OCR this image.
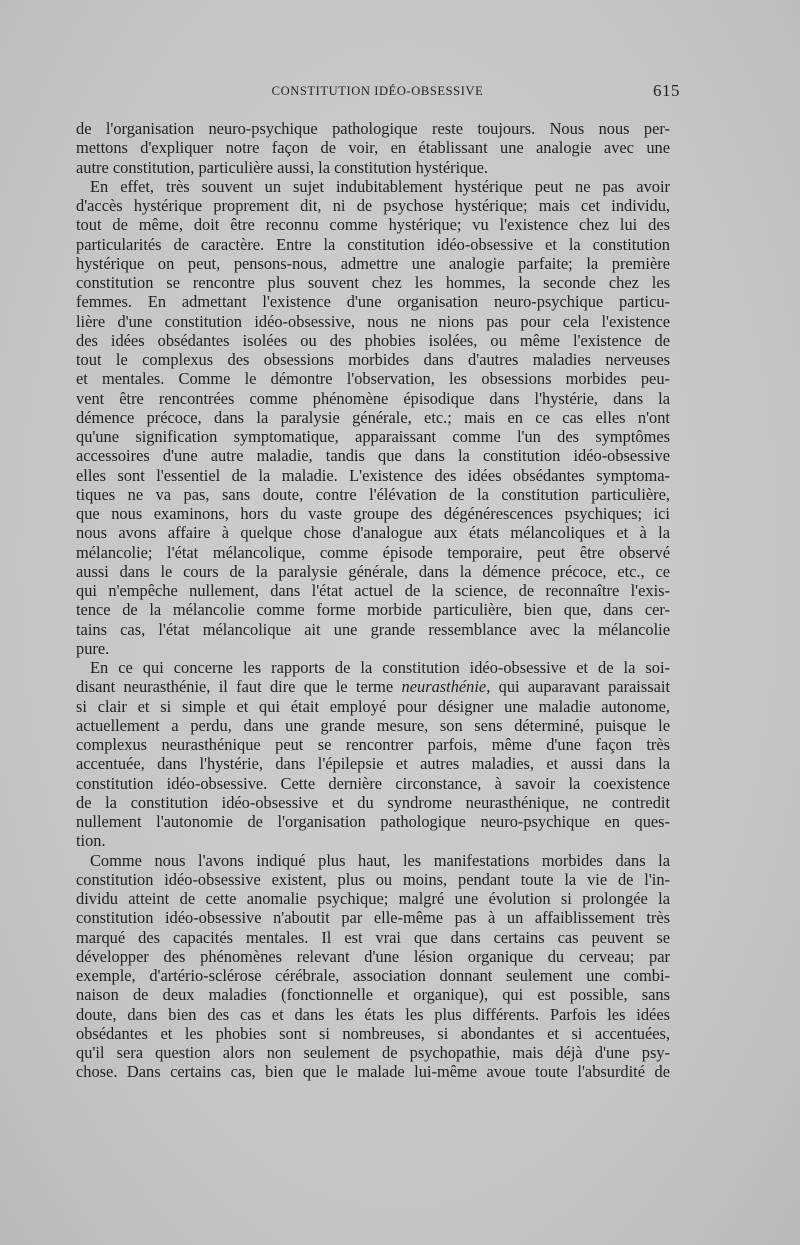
CONSTITUTION IDÉO-OBSESSIVE	615
de l'organisation neuro-psychique pathologique reste toujours. Nous nous per-
mettons d'expliquer notre façon de voir, en établissant une analogie avec une
autre constitution, particulière aussi, la constitution hystérique.
En effet, très souvent un sujet indubitablement hystérique peut ne pas avoir
d'accès hystérique proprement dit, ni de psychose hystérique; mais cet individu,
tout de même, doit être reconnu comme hystérique; vu l'existence chez lui des
particularités de caractère. Entre la constitution idéo-obsessive et la constitution
hystérique on peut, pensons-nous, admettre une analogie parfaite; la première
constitution se rencontre plus souvent chez les hommes, la seconde chez les
femmes. En admettant l'existence d'une organisation neuro-psychique particu-
lière d'une constitution idéo-obsessive, nous ne nions pas pour cela l'existence
des idées obsédantes isolées ou des phobies isolées, ou même l'existence de
tout le complexus des obsessions morbides dans d'autres maladies nerveuses
et mentales. Comme le démontre l'observation, les obsessions morbides peu-
vent être rencontrées comme phénomène épisodique dans l'hystérie, dans la
démence précoce, dans la paralysie générale, etc.; mais en ce cas elles n'ont
qu'une signification symptomatique, apparaissant comme l'un des symptômes
accessoires d'une autre maladie, tandis que dans la constitution idéo-obsessive
elles sont l'essentiel de la maladie. L'existence des idées obsédantes symptoma-
tiques ne va pas, sans doute, contre l'élévation de la constitution particulière,
que nous examinons, hors du vaste groupe des dégénérescences psychiques; ici
nous avons affaire à quelque chose d'analogue aux états mélancoliques et à la
mélancolie; l'état mélancolique, comme épisode temporaire, peut être observé
aussi dans le cours de la paralysie générale, dans la démence précoce, etc., ce
qui n'empêche nullement, dans l'état actuel de la science, de reconnaître l'exis-
tence de la mélancolie comme forme morbide particulière, bien que, dans cer-
tains cas, l'état mélancolique ait une grande ressemblance avec la mélancolie
pure.
En ce qui concerne les rapports de la constitution idéo-obsessive et de la soi-
disant neurasthénie, il faut dire que le terme neurasthénie, qui auparavant paraissait
si clair et si simple et qui était employé pour désigner une maladie autonome,
actuellement a perdu, dans une grande mesure, son sens déterminé, puisque le
complexus neurasthénique peut se rencontrer parfois, même d'une façon très
accentuée, dans l'hystérie, dans l'épilepsie et autres maladies, et aussi dans la
constitution idéo-obsessive. Cette dernière circonstance, à savoir la coexistence
de la constitution idéo-obsessive et du syndrome neurasthénique, ne contredit
nullement l'autonomie de l'organisation pathologique neuro-psychique en ques-
tion.
Comme nous l'avons indiqué plus haut, les manifestations morbides dans la
constitution idéo-obsessive existent, plus ou moins, pendant toute la vie de l'in-
dividu atteint de cette anomalie psychique; malgré une évolution si prolongée la
constitution idéo-obsessive n'aboutit par elle-même pas à un affaiblissement très
marqué des capacités mentales. Il est vrai que dans certains cas peuvent se
développer des phénomènes relevant d'une lésion organique du cerveau; par
exemple, d'artério-sclérose cérébrale, association donnant seulement une combi-
naison de deux maladies (fonctionnelle et organique), qui est possible, sans
doute, dans bien des cas et dans les états les plus différents. Parfois les idées
obsédantes et les phobies sont si nombreuses, si abondantes et si accentuées,
qu'il sera question alors non seulement de psychopathie, mais déjà d'une psy-
chose. Dans certains cas, bien que le malade lui-même avoue toute l'absurdité de
